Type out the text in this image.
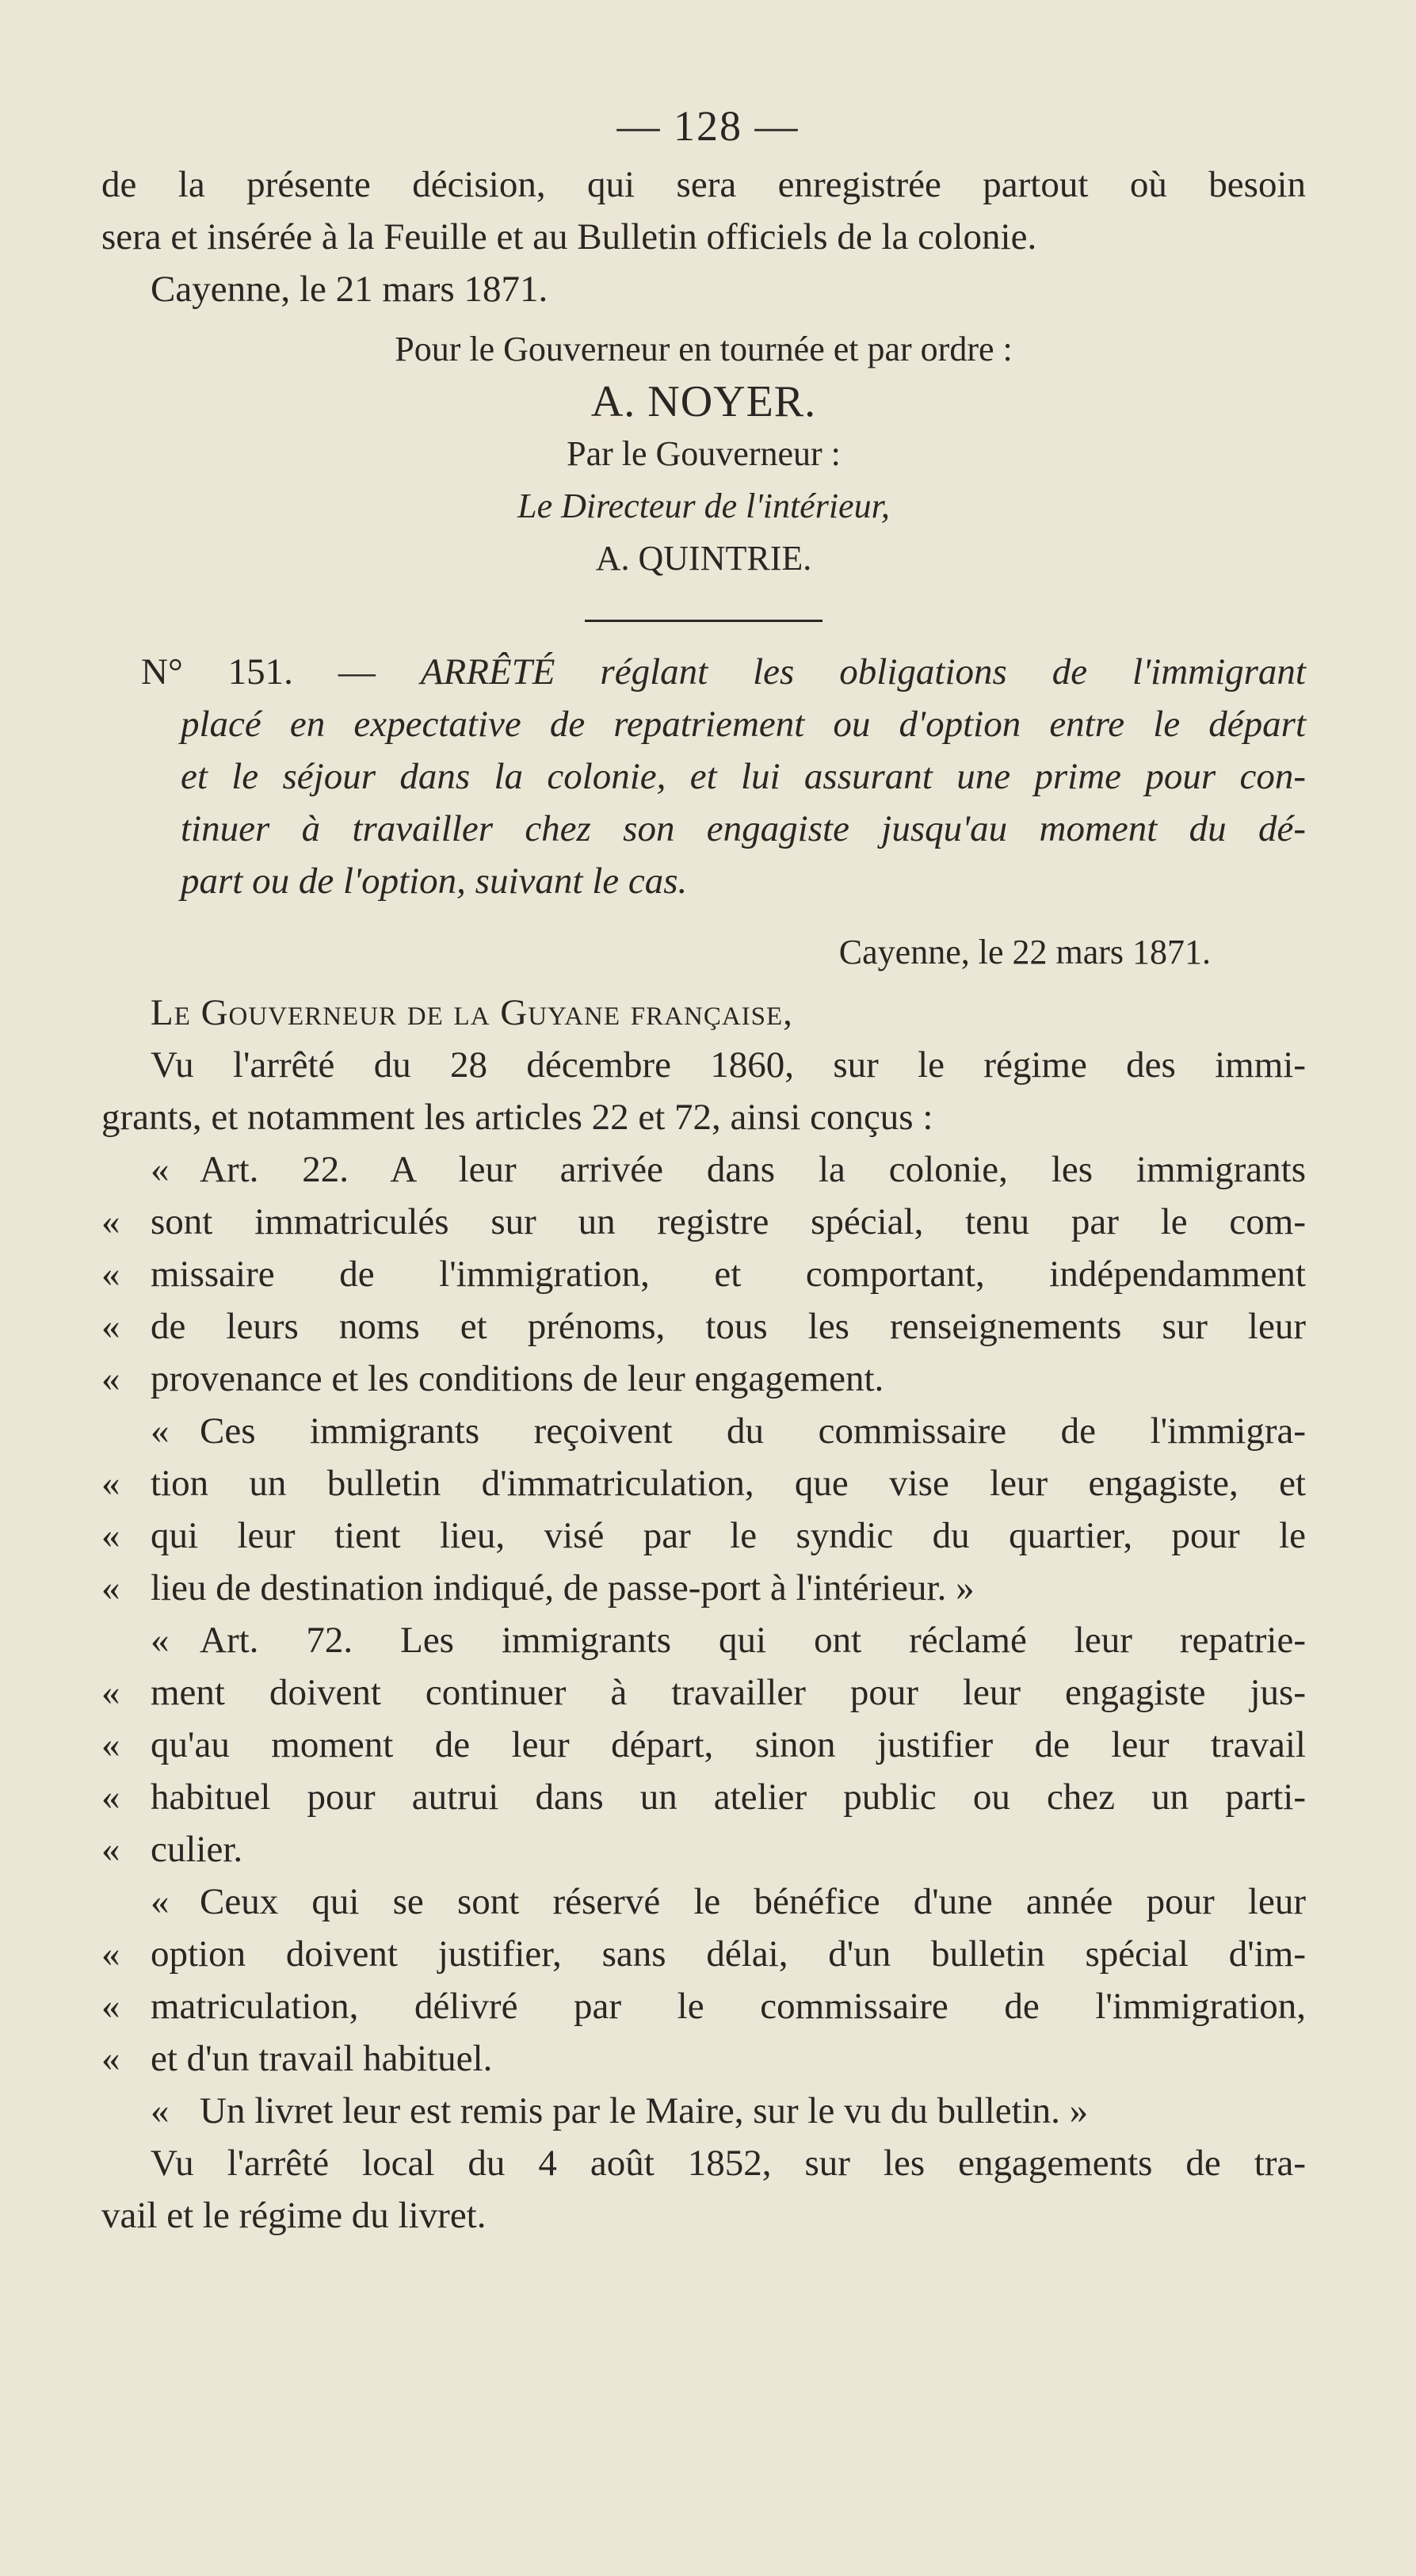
— 128 —
de la présente décision, qui sera enregistrée partout où besoin
sera et insérée à la Feuille et au Bulletin officiels de la colonie.
Cayenne, le 21 mars 1871.
Pour le Gouverneur en tournée et par ordre :
A. NOYER.
Par le Gouverneur :
Le Directeur de l'intérieur,
A. QUINTRIE.
N° 151. — ARRÊTÉ réglant les obligations de l'immigrant
placé en expectative de repatriement ou d'option entre le départ
et le séjour dans la colonie, et lui assurant une prime pour con-
tinuer à travailler chez son engagiste jusqu'au moment du dé-
part ou de l'option, suivant le cas.
Cayenne, le 22 mars 1871.
Le Gouverneur de la Guyane française,
Vu l'arrêté du 28 décembre 1860, sur le régime des immi-
grants, et notamment les articles 22 et 72, ainsi conçus :
« Art. 22. A leur arrivée dans la colonie, les immigrants
« sont immatriculés sur un registre spécial, tenu par le com-
« missaire de l'immigration, et comportant, indépendamment
« de leurs noms et prénoms, tous les renseignements sur leur
« provenance et les conditions de leur engagement.
« Ces immigrants reçoivent du commissaire de l'immigra-
« tion un bulletin d'immatriculation, que vise leur engagiste, et
« qui leur tient lieu, visé par le syndic du quartier, pour le
« lieu de destination indiqué, de passe-port à l'intérieur. »
« Art. 72. Les immigrants qui ont réclamé leur repatrie-
« ment doivent continuer à travailler pour leur engagiste jus-
« qu'au moment de leur départ, sinon justifier de leur travail
« habituel pour autrui dans un atelier public ou chez un parti-
« culier.
« Ceux qui se sont réservé le bénéfice d'une année pour leur
« option doivent justifier, sans délai, d'un bulletin spécial d'im-
« matriculation, délivré par le commissaire de l'immigration,
« et d'un travail habituel.
« Un livret leur est remis par le Maire, sur le vu du bulletin. »
Vu l'arrêté local du 4 août 1852, sur les engagements de tra-
vail et le régime du livret.
